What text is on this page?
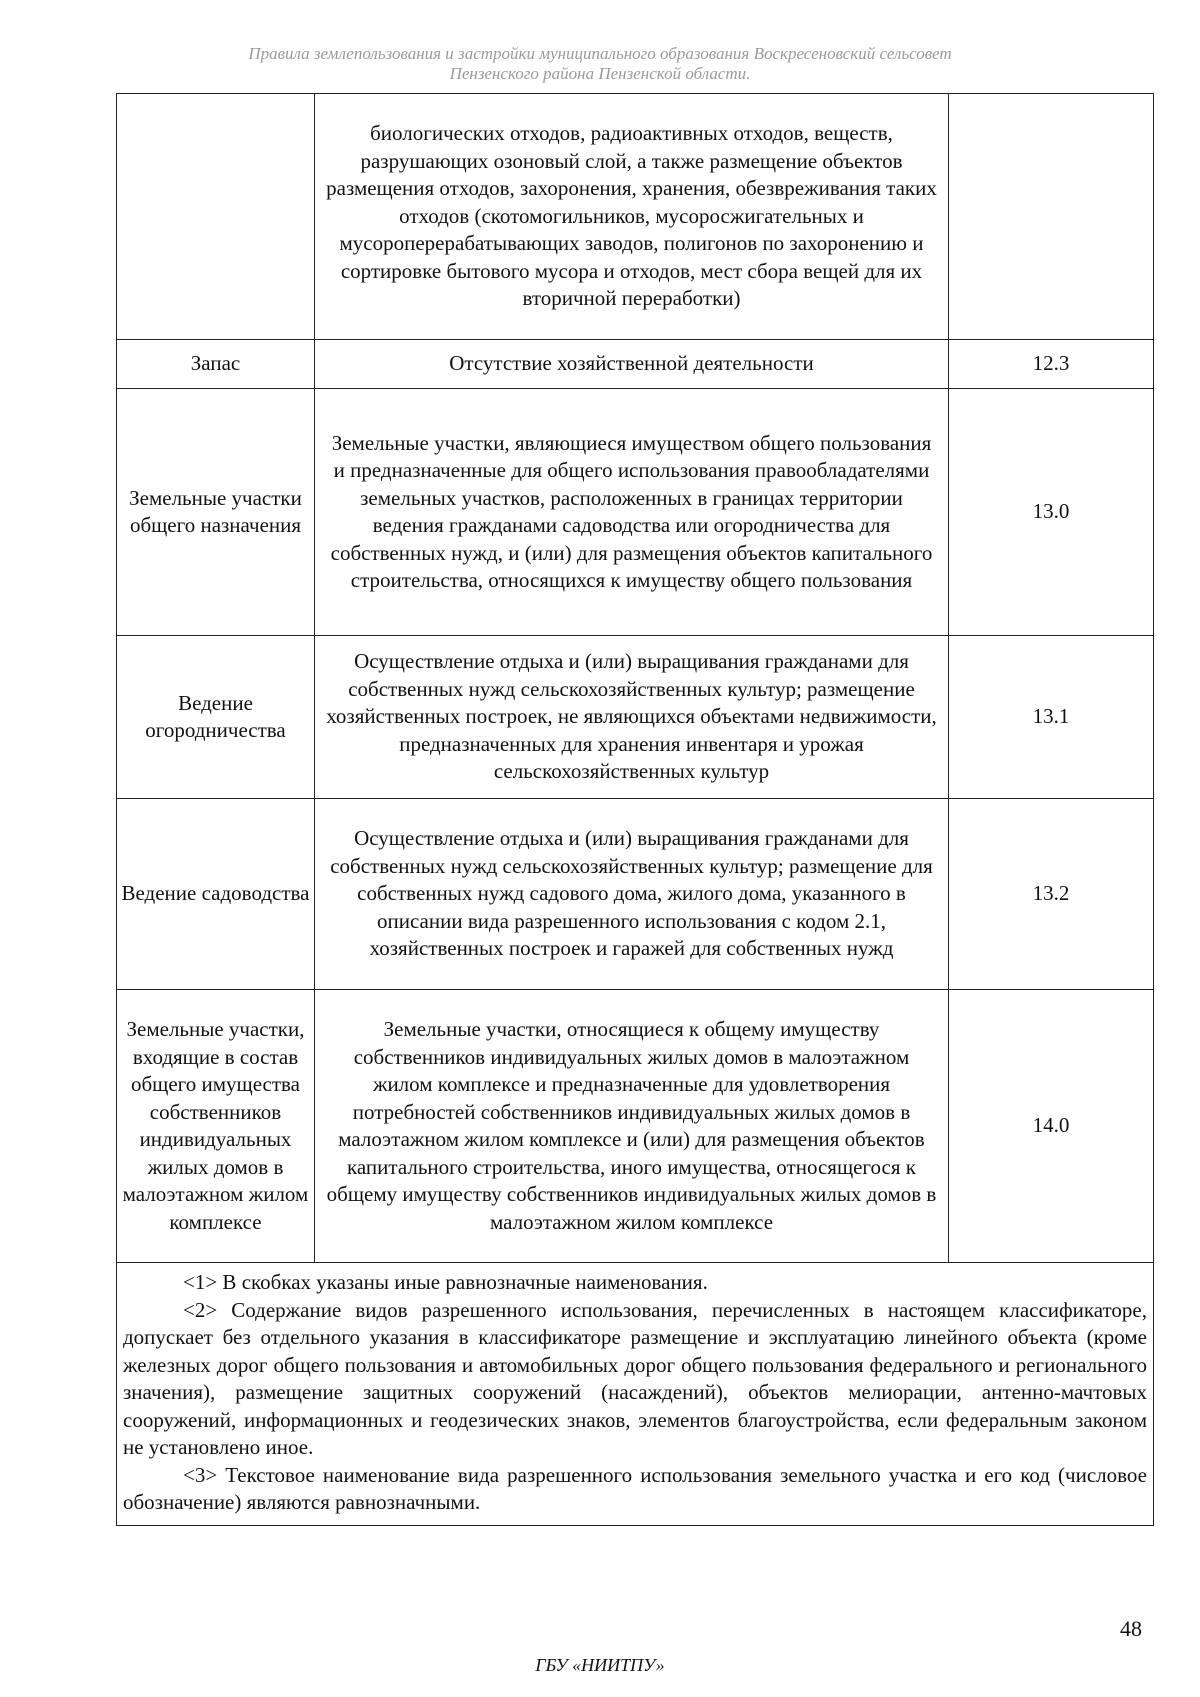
Правила землепользования и застройки муниципального образования Воскресеновский сельсовет
Пензенского района Пензенской области.
	биологических отходов, радиоактивных отходов, веществ, разрушающих озоновый слой, а также размещение объектов размещения отходов, захоронения, хранения, обезвреживания таких отходов (скотомогильников, мусоросжигательных и мусороперерабатывающих заводов, полигонов по захоронению и сортировке бытового мусора и отходов, мест сбора вещей для их вторичной переработки)	
Запас	Отсутствие хозяйственной деятельности	12.3
Земельные участки общего назначения	Земельные участки, являющиеся имуществом общего пользования и предназначенные для общего использования правообладателями земельных участков, расположенных в границах территории ведения гражданами садоводства или огородничества для собственных нужд, и (или) для размещения объектов капитального строительства, относящихся к имуществу общего пользования	13.0
Ведение огородничества	Осуществление отдыха и (или) выращивания гражданами для собственных нужд сельскохозяйственных культур; размещение хозяйственных построек, не являющихся объектами недвижимости, предназначенных для хранения инвентаря и урожая сельскохозяйственных культур	13.1
Ведение садоводства	Осуществление отдыха и (или) выращивания гражданами для собственных нужд сельскохозяйственных культур; размещение для собственных нужд садового дома, жилого дома, указанного в описании вида разрешенного использования с кодом 2.1, хозяйственных построек и гаражей для собственных нужд	13.2
Земельные участки, входящие в состав общего имущества собственников индивидуальных жилых домов в малоэтажном жилом комплексе	Земельные участки, относящиеся к общему имуществу собственников индивидуальных жилых домов в малоэтажном жилом комплексе и предназначенные для удовлетворения потребностей собственников индивидуальных жилых домов в малоэтажном жилом комплексе и (или) для размещения объектов капитального строительства, иного имущества, относящегося к общему имуществу собственников индивидуальных жилых домов в малоэтажном жилом комплексе	14.0

<1> В скобках указаны иные равнозначные наименования.

<2> Содержание видов разрешенного использования, перечисленных в настоящем классификаторе, допускает без отдельного указания в классификаторе размещение и эксплуатацию линейного объекта (кроме железных дорог общего пользования и автомобильных дорог общего пользования федерального и регионального значения), размещение защитных сооружений (насаждений), объектов мелиорации, антенно-мачтовых сооружений, информационных и геодезических знаков, элементов благоустройства, если федеральным законом не установлено иное.

<3> Текстовое наименование вида разрешенного использования земельного участка и его код (числовое обозначение) являются равнозначными.		

48
ГБУ «НИИТПУ»
